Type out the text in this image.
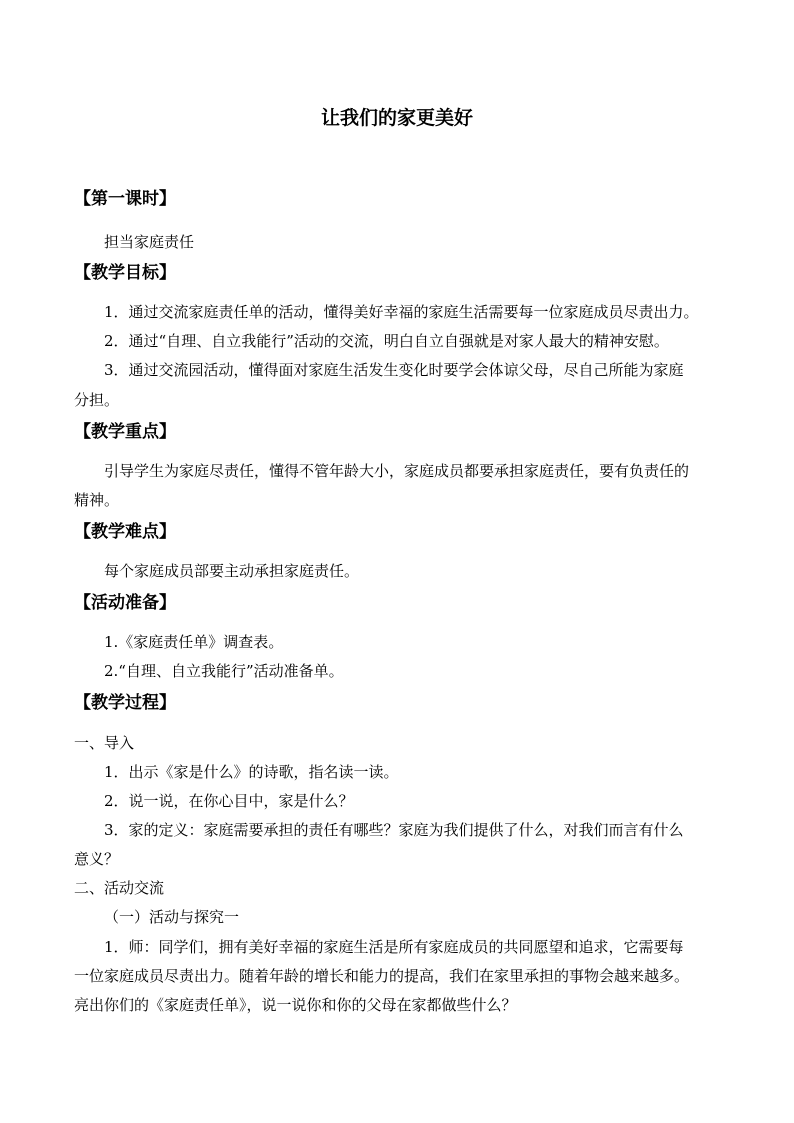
让我们的家更美好
【第一课时】
担当家庭责任
【教学目标】
1．通过交流家庭责任单的活动，懂得美好幸福的家庭生活需要每一位家庭成员尽责出力。
2．通过“自理、自立我能行”活动的交流，明白自立自强就是对家人最大的精神安慰。
3．通过交流园活动，懂得面对家庭生活发生变化时要学会体谅父母，尽自己所能为家庭
分担。
【教学重点】
引导学生为家庭尽责任，懂得不管年龄大小，家庭成员都要承担家庭责任，要有负责任的
精神。
【教学难点】
每个家庭成员部要主动承担家庭责任。
【活动准备】
1.《家庭责任单》调查表。
2.“自理、自立我能行”活动准备单。
【教学过程】
一、导入
1．出示《家是什么》的诗歌，指名读一读。
2．说一说，在你心目中，家是什么？
3．家的定义：家庭需要承担的责任有哪些？家庭为我们提供了什么，对我们而言有什么
意义？
二、活动交流
（一）活动与探究一
1．师：同学们，拥有美好幸福的家庭生活是所有家庭成员的共同愿望和追求，它需要每
一位家庭成员尽责出力。随着年龄的增长和能力的提高，我们在家里承担的事物会越来越多。
亮出你们的《家庭责任单》，说一说你和你的父母在家都做些什么？
